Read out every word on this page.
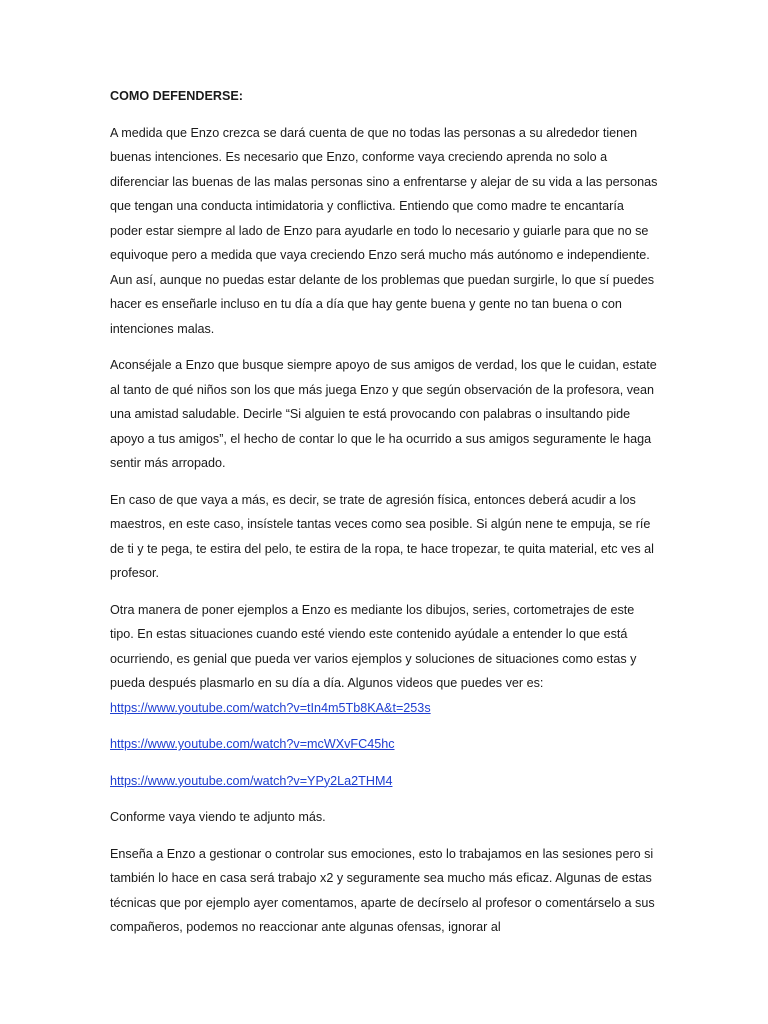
COMO DEFENDERSE:

A medida que Enzo crezca se dará cuenta de que no todas las personas a su alrededor tienen buenas intenciones. Es necesario que Enzo, conforme vaya creciendo aprenda no solo a diferenciar las buenas de las malas personas sino a enfrentarse y alejar de su vida a las personas que tengan una conducta intimidatoria y conflictiva. Entiendo que como madre te encantaría poder estar siempre al lado de Enzo para ayudarle en todo lo necesario y guiarle para que no se equivoque pero a medida que vaya creciendo Enzo será mucho más autónomo e independiente. Aun así, aunque no puedas estar delante de los problemas que puedan surgirle, lo que sí puedes hacer es enseñarle incluso en tu día a día que hay gente buena y gente no tan buena o con intenciones malas.

Aconséjale a Enzo que busque siempre apoyo de sus amigos de verdad, los que le cuidan, estate al tanto de qué niños son los que más juega Enzo y que según observación de la profesora, vean una amistad saludable. Decirle “Si alguien te está provocando con palabras o insultando pide apoyo a tus amigos”, el hecho de contar lo que le ha ocurrido a sus amigos seguramente le haga sentir más arropado.

En caso de que vaya a más, es decir, se trate de agresión física, entonces deberá acudir a los maestros, en este caso, insístele tantas veces como sea posible. Si algún nene te empuja, se ríe de ti y te pega, te estira del pelo, te estira de la ropa, te hace tropezar, te quita material, etc ves al profesor.

Otra manera de poner ejemplos a Enzo es mediante los dibujos, series, cortometrajes de este tipo. En estas situaciones cuando esté viendo este contenido ayúdale a entender lo que está ocurriendo, es genial que pueda ver varios ejemplos y soluciones de situaciones como estas y pueda después plasmarlo en su día a día. Algunos videos que puedes ver es:

https://www.youtube.com/watch?v=tIn4m5Tb8KA&t=253s
https://www.youtube.com/watch?v=mcWXvFC45hc
https://www.youtube.com/watch?v=YPy2La2THM4

Conforme vaya viendo te adjunto más.

Enseña a Enzo a gestionar o controlar sus emociones, esto lo trabajamos en las sesiones pero si también lo hace en casa será trabajo x2 y seguramente sea mucho más eficaz. Algunas de estas técnicas que por ejemplo ayer comentamos, aparte de decírselo al profesor o comentárselo a sus compañeros, podemos no reaccionar ante algunas ofensas, ignorar al
